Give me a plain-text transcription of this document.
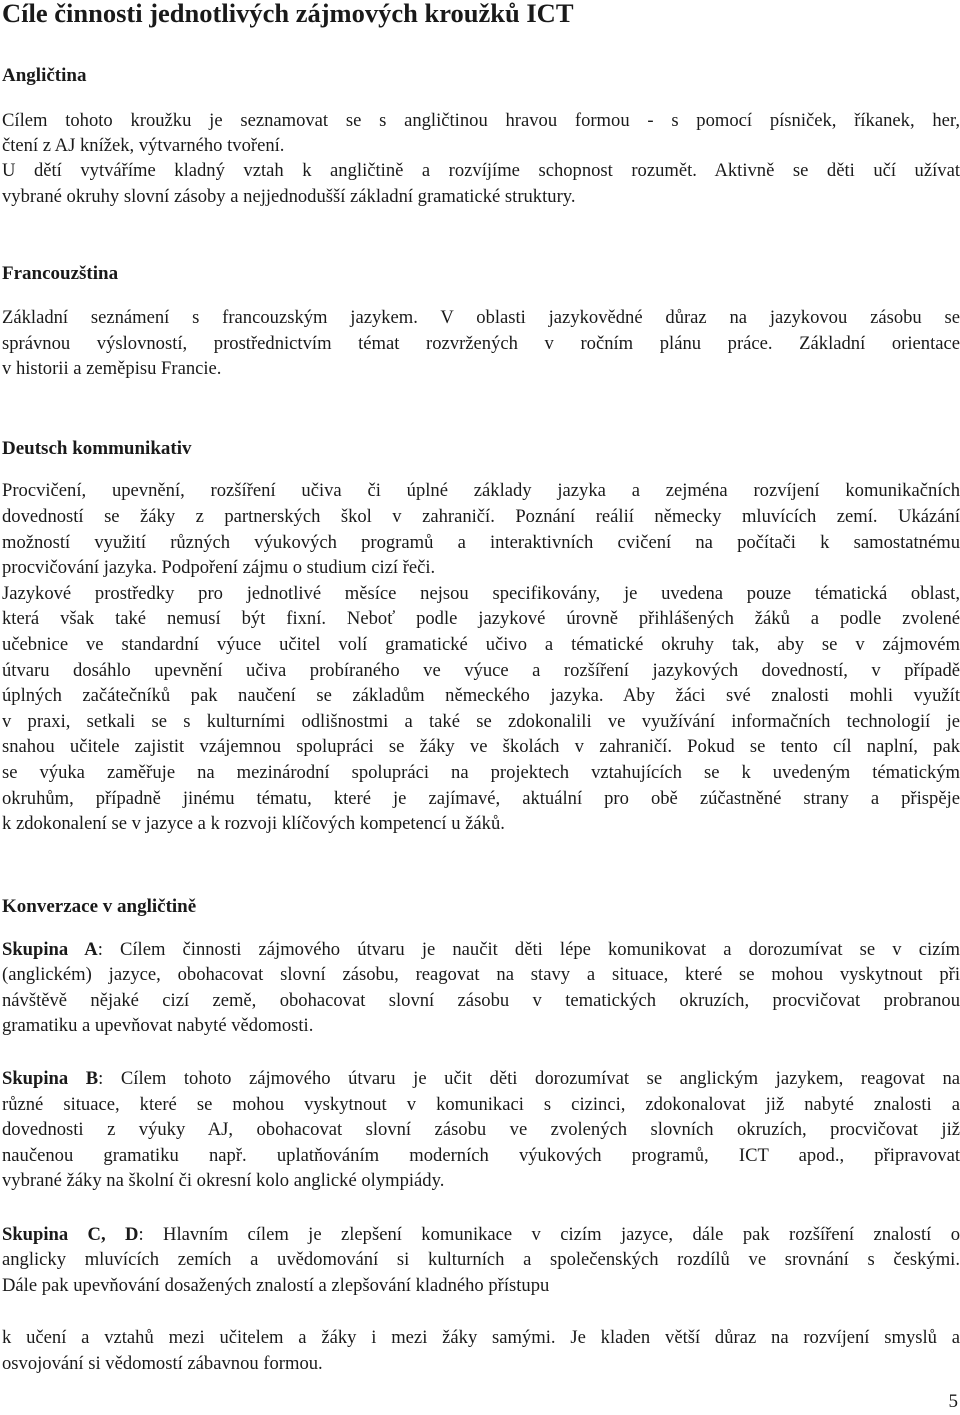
Cíle činnosti jednotlivých zájmových kroužků ICT
Angličtina

Cílem tohoto kroužku je seznamovat se s angličtinou hravou formou - s pomocí písniček, říkanek, her,

čtení z AJ knížek, výtvarného tvoření.

U dětí vytváříme kladný vztah k angličtině a rozvíjíme schopnost rozumět. Aktivně se děti učí užívat

vybrané okruhy slovní zásoby a nejjednodušší základní gramatické struktury.

Francouzština

Základní seznámení s francouzským jazykem. V oblasti jazykovědné důraz na jazykovou zásobu se

správnou výslovností, prostřednictvím témat rozvržených v ročním plánu práce. Základní orientace

v historii a zeměpisu Francie.

Deutsch kommunikativ

Procvičení, upevnění, rozšíření učiva či úplné základy jazyka a zejména rozvíjení komunikačních

dovedností se žáky z partnerských škol v zahraničí. Poznání reálií německy mluvících zemí. Ukázání

možností využití různých výukových programů a interaktivních cvičení na počítači k samostatnému

procvičování jazyka. Podpoření zájmu o studium cizí řeči.

Jazykové prostředky pro jednotlivé měsíce nejsou specifikovány, je uvedena pouze tématická oblast,

která však také nemusí být fixní. Neboť podle jazykové úrovně přihlášených žáků a podle zvolené

učebnice ve standardní výuce učitel volí gramatické učivo a tématické okruhy tak, aby se v zájmovém

útvaru dosáhlo upevnění učiva probíraného ve výuce a rozšíření jazykových dovedností, v případě

úplných začátečníků pak naučení se základům německého jazyka. Aby žáci své znalosti mohli využít

v praxi, setkali se s kulturními odlišnostmi a také se zdokonalili ve využívání informačních technologií je

snahou učitele zajistit vzájemnou spolupráci se žáky ve školách v zahraničí. Pokud se tento cíl naplní, pak

se výuka zaměřuje na mezinárodní spolupráci na projektech vztahujících se k uvedeným tématickým

okruhům, případně jinému tématu, které je zajímavé, aktuální pro obě zúčastněné strany a přispěje

k zdokonalení se v jazyce a k rozvoji klíčových kompetencí u žáků.

Konverzace v angličtině

Skupina A: Cílem činnosti zájmového útvaru je naučit děti lépe komunikovat a dorozumívat se v cizím

(anglickém) jazyce, obohacovat slovní zásobu, reagovat na stavy a situace, které se mohou vyskytnout při

návštěvě nějaké cizí země, obohacovat slovní zásobu v tematických okruzích, procvičovat probranou

gramatiku a upevňovat nabyté vědomosti.

Skupina B: Cílem tohoto zájmového útvaru je učit děti dorozumívat se anglickým jazykem, reagovat na

různé situace, které se mohou vyskytnout v komunikaci s cizinci, zdokonalovat již nabyté znalosti a

dovednosti z výuky AJ, obohacovat slovní zásobu ve zvolených slovních okruzích, procvičovat již

naučenou gramatiku např. uplatňováním moderních výukových programů, ICT apod., připravovat

vybrané žáky na školní či okresní kolo anglické olympiády.

Skupina C, D: Hlavním cílem je zlepšení komunikace v cizím jazyce, dále pak rozšíření znalostí o

anglicky mluvících zemích a uvědomování si kulturních a společenských rozdílů ve srovnání s českými.

Dále pak upevňování dosažených znalostí a zlepšování kladného přístupu

k učení a vztahů mezi učitelem a žáky i mezi žáky samými. Je kladen větší důraz na rozvíjení smyslů a

osvojování si vědomostí zábavnou formou.

5
